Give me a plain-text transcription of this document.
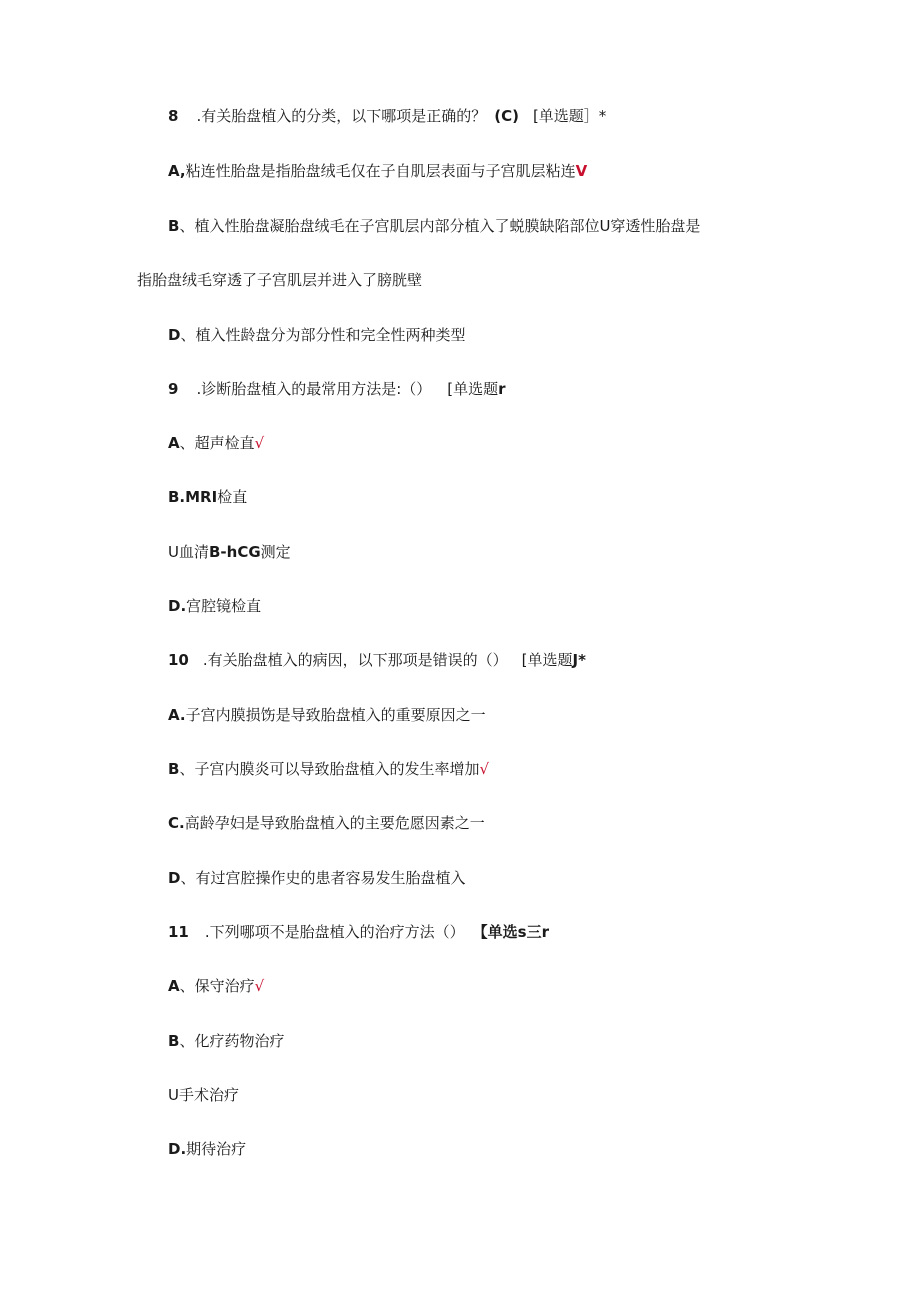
8 .有关胎盘植入的分类，以下哪项是正确的？ (C) [单选题］*
A,粘连性胎盘是指胎盘绒毛仅在子自肌层表面与子宫肌层粘连V
B、植入性胎盘凝胎盘绒毛在子宫肌层内部分植入了蜕膜缺陷部位U穿透性胎盘是
指胎盘绒毛穿透了子宫肌层并进入了膀胱壁
D、植入性龄盘分为部分性和完全性两种类型
9 .诊断胎盘植入的最常用方法是:（） [单选题r
A、超声检直√
B.MRI检直
U血清B-hCG测定
D.宫腔镜检直
10 .有关胎盘植入的病因，以下那项是错误的（） [单选题J*
A.子宫内膜损饬是导致胎盘植入的重要原因之一
B、子宫内膜炎可以导致胎盘植入的发生率增加√
C.高龄孕妇是导致胎盘植入的主要危愿因素之一
D、有过宫腔操作史的患者容易发生胎盘植入
11 .下列哪项不是胎盘植入的治疗方法（） 【单选s三r
A、保守治疗√
B、化疗药物治疗
U手术治疗
D.期待治疗
